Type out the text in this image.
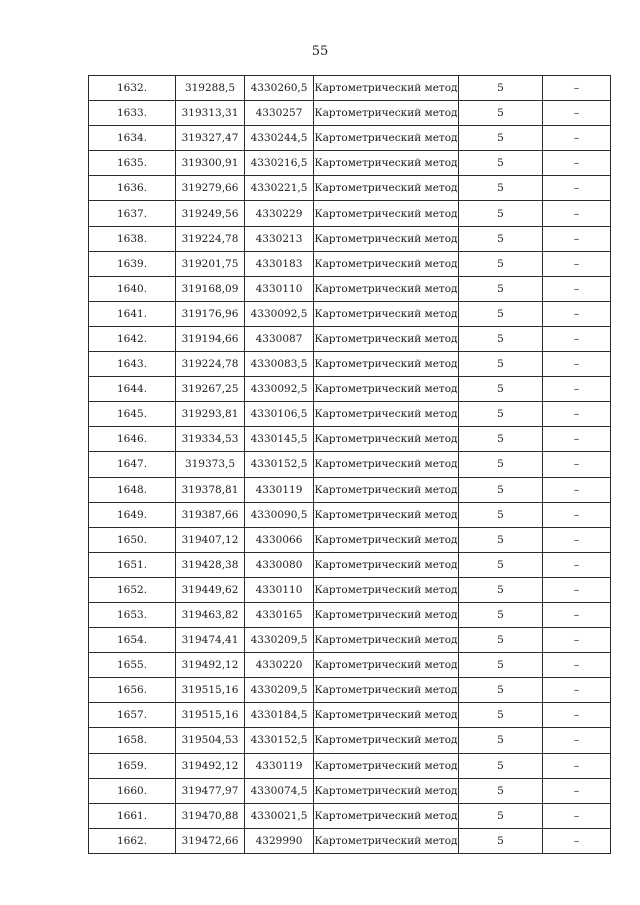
55
1632.	319288,5	4330260,5	Картометрический метод	5	–
1633.	319313,31	4330257	Картометрический метод	5	–
1634.	319327,47	4330244,5	Картометрический метод	5	–
1635.	319300,91	4330216,5	Картометрический метод	5	–
1636.	319279,66	4330221,5	Картометрический метод	5	–
1637.	319249,56	4330229	Картометрический метод	5	–
1638.	319224,78	4330213	Картометрический метод	5	–
1639.	319201,75	4330183	Картометрический метод	5	–
1640.	319168,09	4330110	Картометрический метод	5	–
1641.	319176,96	4330092,5	Картометрический метод	5	–
1642.	319194,66	4330087	Картометрический метод	5	–
1643.	319224,78	4330083,5	Картометрический метод	5	–
1644.	319267,25	4330092,5	Картометрический метод	5	–
1645.	319293,81	4330106,5	Картометрический метод	5	–
1646.	319334,53	4330145,5	Картометрический метод	5	–
1647.	319373,5	4330152,5	Картометрический метод	5	–
1648.	319378,81	4330119	Картометрический метод	5	–
1649.	319387,66	4330090,5	Картометрический метод	5	–
1650.	319407,12	4330066	Картометрический метод	5	–
1651.	319428,38	4330080	Картометрический метод	5	–
1652.	319449,62	4330110	Картометрический метод	5	–
1653.	319463,82	4330165	Картометрический метод	5	–
1654.	319474,41	4330209,5	Картометрический метод	5	–
1655.	319492,12	4330220	Картометрический метод	5	–
1656.	319515,16	4330209,5	Картометрический метод	5	–
1657.	319515,16	4330184,5	Картометрический метод	5	–
1658.	319504,53	4330152,5	Картометрический метод	5	–
1659.	319492,12	4330119	Картометрический метод	5	–
1660.	319477,97	4330074,5	Картометрический метод	5	–
1661.	319470,88	4330021,5	Картометрический метод	5	–
1662.	319472,66	4329990	Картометрический метод	5	–
